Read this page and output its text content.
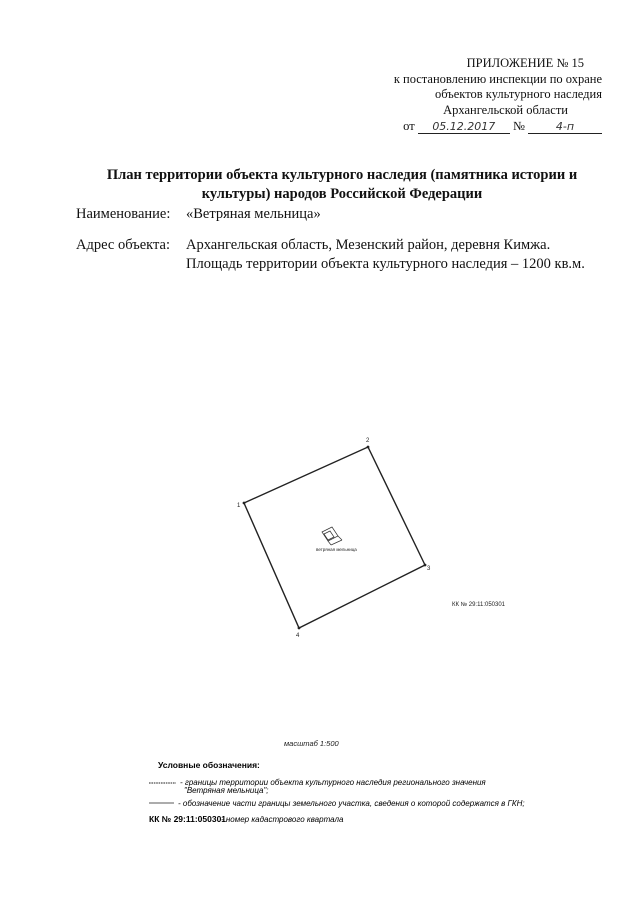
ПРИЛОЖЕНИЕ № 15
к постановлению инспекции по охране
объектов культурного наследия
Архангельской области
от 05.12.2017 №	4-п
План территории объекта культурного наследия (памятника истории и культуры) народов Российской Федерации
Наименование: «Ветряная мельница»
Адрес объекта: Архангельская область, Мезенский район, деревня Кимжа. Площадь территории объекта культурного наследия – 1200 кв.м.
1
2
3
4
ветряная мельница
КК № 29:11:050301
масштаб 1:500
Условные обозначения:
- границы территории объекта культурного наследия регионального значения
"Ветряная мельница";
- обозначение части границы земельного участка, сведения о которой содержатся в ГКН;
КК № 29:11:050301
- номер кадастрового квартала
